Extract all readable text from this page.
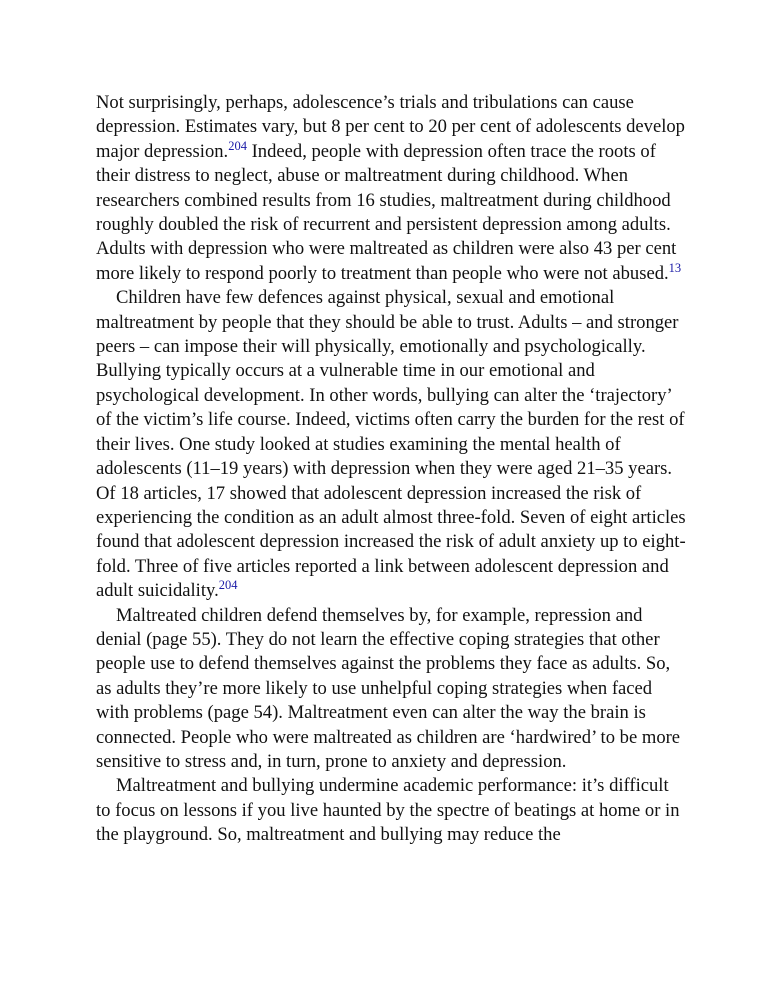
Not surprisingly, perhaps, adolescence’s trials and tribulations can cause depression. Estimates vary, but 8 per cent to 20 per cent of adolescents develop major depression.$^{204}$ Indeed, people with depression often trace the roots of their distress to neglect, abuse or maltreatment during childhood. When researchers combined results from 16 studies, maltreatment during childhood roughly doubled the risk of recurrent and persistent depression among adults. Adults with depression who were maltreated as children were also 43 per cent more likely to respond poorly to treatment than people who were not abused.$^{13}$

Children have few defences against physical, sexual and emotional maltreatment by people that they should be able to trust. Adults – and stronger peers – can impose their will physically, emotionally and psychologically. Bullying typically occurs at a vulnerable time in our emotional and psychological development. In other words, bullying can alter the ‘trajectory’ of the victim’s life course. Indeed, victims often carry the burden for the rest of their lives. One study looked at studies examining the mental health of adolescents (11–19 years) with depression when they were aged 21–35 years. Of 18 articles, 17 showed that adolescent depression increased the risk of experiencing the condition as an adult almost three-fold. Seven of eight articles found that adolescent depression increased the risk of adult anxiety up to eight-fold. Three of five articles reported a link between adolescent depression and adult suicidality.$^{204}$

Maltreated children defend themselves by, for example, repression and denial (page 55). They do not learn the effective coping strategies that other people use to defend themselves against the problems they face as adults. So, as adults they’re more likely to use unhelpful coping strategies when faced with problems (page 54). Maltreatment even can alter the way the brain is connected. People who were maltreated as children are ‘hardwired’ to be more sensitive to stress and, in turn, prone to anxiety and depression.

Maltreatment and bullying undermine academic performance: it’s difficult to focus on lessons if you live haunted by the spectre of beatings at home or in the playground. So, maltreatment and bullying may reduce the
